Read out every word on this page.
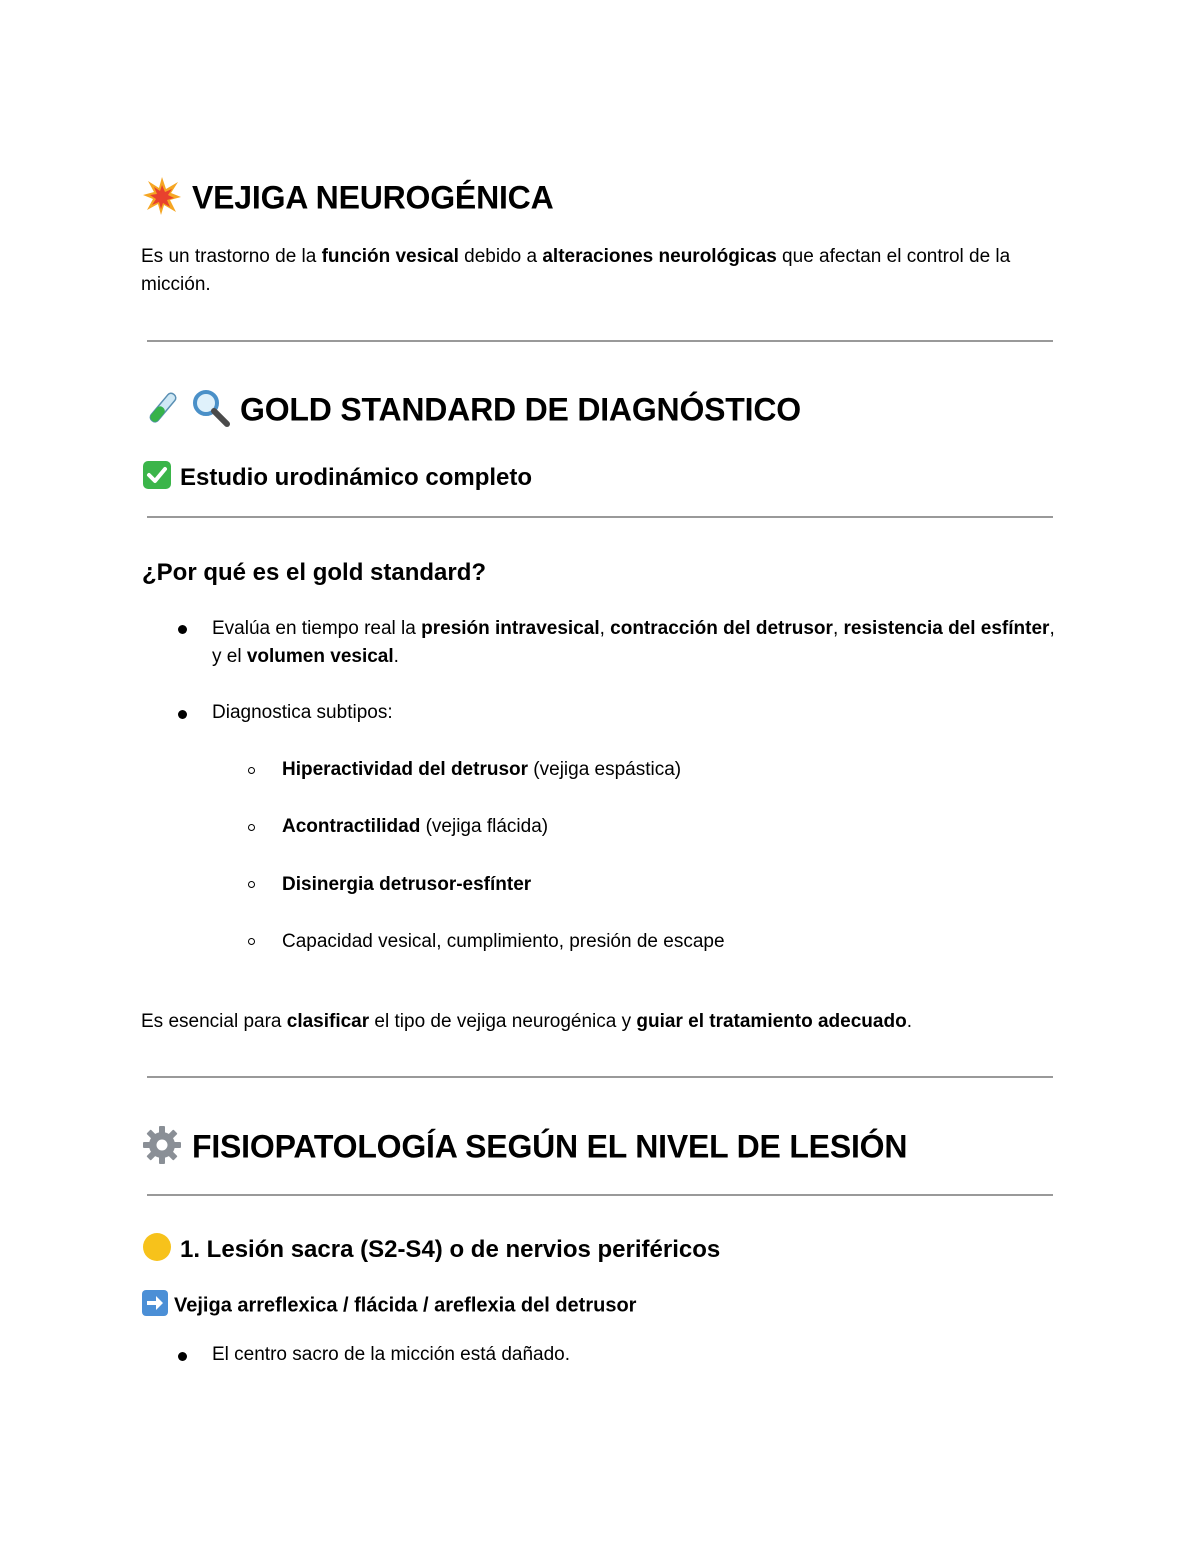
VEJIGA NEUROGÉNICA
Es un trastorno de la función vesical debido a alteraciones neurológicas que afectan el control de la micción.
GOLD STANDARD DE DIAGNÓSTICO
Estudio urodinámico completo
¿Por qué es el gold standard?
Evalúa en tiempo real la presión intravesical, contracción del detrusor, resistencia del esfínter, y el volumen vesical.
Diagnostica subtipos:
Hiperactividad del detrusor (vejiga espástica)
Acontractilidad (vejiga flácida)
Disinergia detrusor-esfínter
Capacidad vesical, cumplimiento, presión de escape
Es esencial para clasificar el tipo de vejiga neurogénica y guiar el tratamiento adecuado.
FISIOPATOLOGÍA SEGÚN EL NIVEL DE LESIÓN
1. Lesión sacra (S2-S4) o de nervios periféricos
Vejiga arreflexica / flácida / areflexia del detrusor
El centro sacro de la micción está dañado.
